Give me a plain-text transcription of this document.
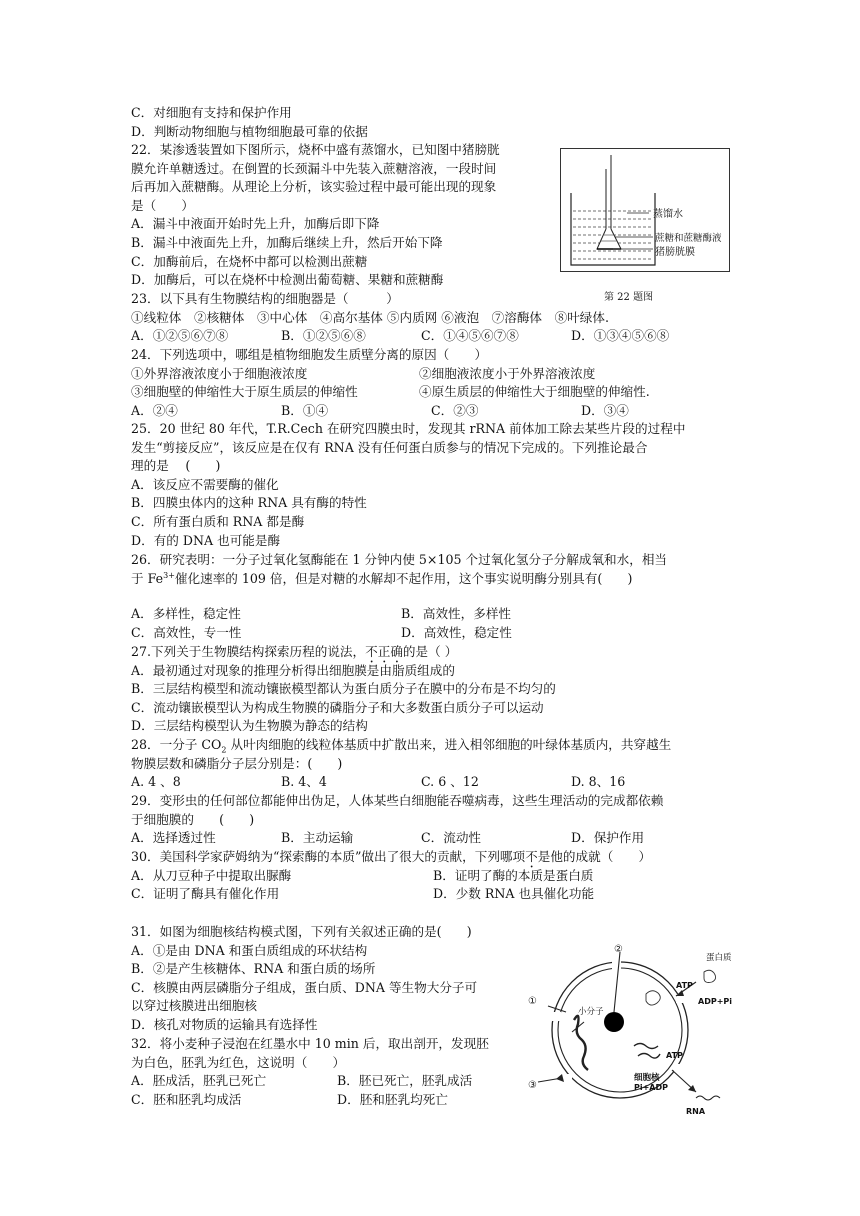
C．对细胞有支持和保护作用
D．判断动物细胞与植物细胞最可靠的依据
22．某渗透装置如下图所示，烧杯中盛有蒸馏水，已知图中猪膀胱
膜允许单糖透过。在倒置的长颈漏斗中先装入蔗糖溶液，一段时间
后再加入蔗糖酶。从理论上分析，该实验过程中最可能出现的现象
是（　　）
A．漏斗中液面开始时先上升，加酶后即下降
B．漏斗中液面先上升，加酶后继续上升，然后开始下降
C．加酶前后，在烧杯中都可以检测出蔗糖
D．加酶后，可以在烧杯中检测出葡萄糖、果糖和蔗糖酶
蒸馏水
蔗糖和蔗糖酶液
猪膀胱膜
第 22 题图
23．以下具有生物膜结构的细胞器是（　　　）
①线粒体　②核糖体　③中心体　④高尔基体 ⑤内质网 ⑥液泡　⑦溶酶体　⑧叶绿体.
A．①②⑤⑥⑦⑧	B．①②⑤⑥⑧	C．①④⑤⑥⑦⑧	D．①③④⑤⑥⑧
24．下列选项中，哪组是植物细胞发生质壁分离的原因（　　）
①外界溶液浓度小于细胞液浓度	②细胞液浓度小于外界溶液浓度
③细胞壁的伸缩性大于原生质层的伸缩性	④原生质层的伸缩性大于细胞壁的伸缩性.
A．②④	B．①④	C．②③	D．③④
25．20 世纪 80 年代，T.R.Cech 在研究四膜虫时，发现其 rRNA 前体加工除去某些片段的过程中
发生“剪接反应”，该反应是在仅有 RNA 没有任何蛋白质参与的情况下完成的。下列推论最合
理的是　 (　　)
A．该反应不需要酶的催化
B．四膜虫体内的这种 RNA 具有酶的特性
C．所有蛋白质和 RNA 都是酶
D．有的 DNA 也可能是酶
26．研究表明：一分子过氧化氢酶能在 1 分钟内使 5×105 个过氧化氢分子分解成氧和水，相当
于 $Fe^{3+}$催化速率的 109 倍，但是对糖的水解却不起作用，这个事实说明酶分别具有(　　)
A．多样性，稳定性	B．高效性，多样性
C．高效性，专一性	D．高效性，稳定性
27.下列关于生物膜结构探索历程的说法，不正确的是（ ）
A．最初通过对现象的推理分析得出细胞膜是由脂质组成的
B．三层结构模型和流动镶嵌模型都认为蛋白质分子在膜中的分布是不均匀的
C．流动镶嵌模型认为构成生物膜的磷脂分子和大多数蛋白质分子可以运动
D．三层结构模型认为生物膜为静态的结构
28．一分子 $CO_2$ 从叶肉细胞的线粒体基质中扩散出来，进入相邻细胞的叶绿体基质内，共穿越生
物膜层数和磷脂分子层分别是：(　　)
A. 4 、8	B. 4、4	C. 6 、12	D. 8、16
29．变形虫的任何部位都能伸出伪足，人体某些白细胞能吞噬病毒，这些生理活动的完成都依赖
于细胞膜的　　(　　)
A．选择透过性	B．主动运输	C．流动性	D．保护作用
30．美国科学家萨姆纳为“探索酶的本质”做出了很大的贡献，下列哪项不是他的成就（　　）
A．从刀豆种子中提取出脲酶	B．证明了酶的本质是蛋白质
C．证明了酶具有催化作用	D．少数 RNA 也具催化功能
31．如图为细胞核结构模式图，下列有关叙述正确的是(　　)
A．①是由 DNA 和蛋白质组成的环状结构
B．②是产生核糖体、RNA 和蛋白质的场所
C．核膜由两层磷脂分子组成，蛋白质、DNA 等生物大分子可
以穿过核膜进出细胞核
D．核孔对物质的运输具有选择性
32．将小麦种子浸泡在红墨水中 10 min 后，取出剖开，发现胚
为白色，胚乳为红色，这说明（　　）
A．胚成活，胚乳已死亡	B．胚已死亡，胚乳成活
C．胚和胚乳均成活	D．胚和胚乳均死亡
②
①
③
蛋白质
ATP
ADP+Pi
小分子
ATP
细胞核
Pi+ADP
RNA
